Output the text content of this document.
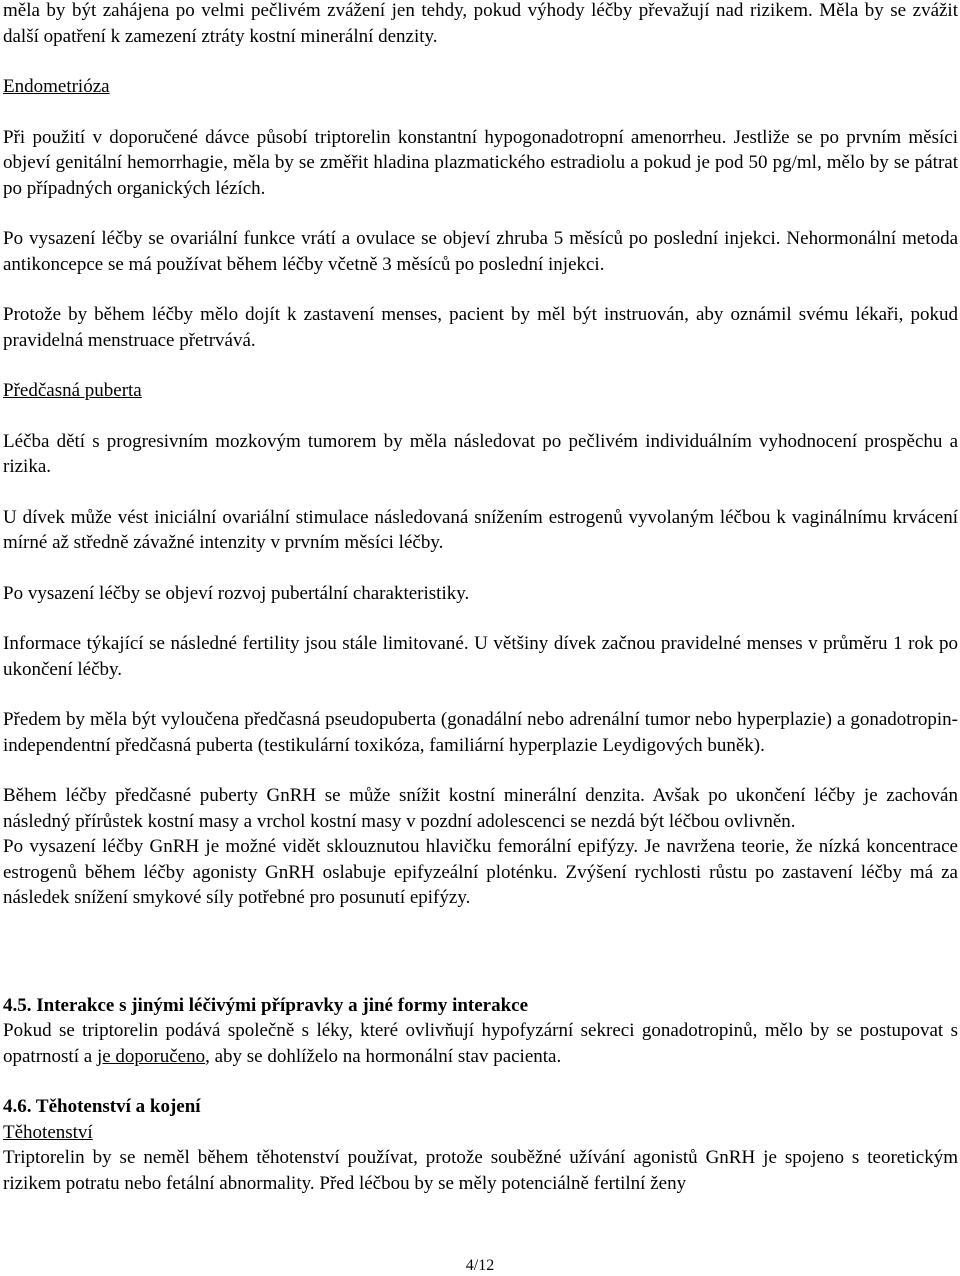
měla by být zahájena po velmi pečlivém zvážení jen tehdy, pokud výhody léčby převažují nad rizikem. Měla by se zvážit další opatření k zamezení ztráty kostní minerální denzity.

Endometrióza

Při použití v doporučené dávce působí triptorelin konstantní hypogonadotropní amenorrheu. Jestliže se po prvním měsíci objeví genitální hemorrhagie, měla by se změřit hladina plazmatického estradiolu a pokud je pod 50 pg/ml, mělo by se pátrat po případných organických lézích.

Po vysazení léčby se ovariální funkce vrátí a ovulace se objeví zhruba 5 měsíců po poslední injekci. Nehormonální metoda antikoncepce se má používat během léčby včetně 3 měsíců po poslední injekci.

Protože by během léčby mělo dojít k zastavení menses, pacient by měl být instruován, aby oznámil svému lékaři, pokud pravidelná menstruace přetrvává.

Předčasná puberta

Léčba dětí s progresivním mozkovým tumorem by měla následovat po pečlivém individuálním vyhodnocení prospěchu a rizika.

U dívek může vést iniciální ovariální stimulace následovaná snížením estrogenů vyvolaným léčbou k vaginálnímu krvácení mírné až středně závažné intenzity v prvním měsíci léčby.

Po vysazení léčby se objeví rozvoj pubertální charakteristiky.

Informace týkající se následné fertility jsou stále limitované. U většiny dívek začnou pravidelné menses v průměru 1 rok po ukončení léčby.

Předem by měla být vyloučena předčasná pseudopuberta (gonadální nebo adrenální tumor nebo hyperplazie) a gonadotropin-independentní předčasná puberta (testikulární toxikóza, familiární hyperplazie Leydigových buněk).

Během léčby předčasné puberty GnRH se může snížit kostní minerální denzita. Avšak po ukončení léčby je zachován následný přírůstek kostní masy a vrchol kostní masy v pozdní adolescenci se nezdá být léčbou ovlivněn.

Po vysazení léčby GnRH je možné vidět sklouznutou hlavičku femorální epifýzy. Je navržena teorie, že nízká koncentrace estrogenů během léčby agonisty GnRH oslabuje epifyzeální ploténku. Zvýšení rychlosti růstu po zastavení léčby má za následek snížení smykové síly potřebné pro posunutí epifýzy.

4.5. Interakce s jinými léčivými přípravky a jiné formy interakce

Pokud se triptorelin podává společně s léky, které ovlivňují hypofyzární sekreci gonadotropinů, mělo by se postupovat s opatrností a je doporučeno, aby se dohlíželo na hormonální stav pacienta.

4.6. Těhotenství a kojení

Těhotenství

Triptorelin by se neměl během těhotenství používat, protože souběžné užívání agonistů GnRH je spojeno s teoretickým rizikem potratu nebo fetální abnormality. Před léčbou by se měly potenciálně fertilní ženy

4/12
